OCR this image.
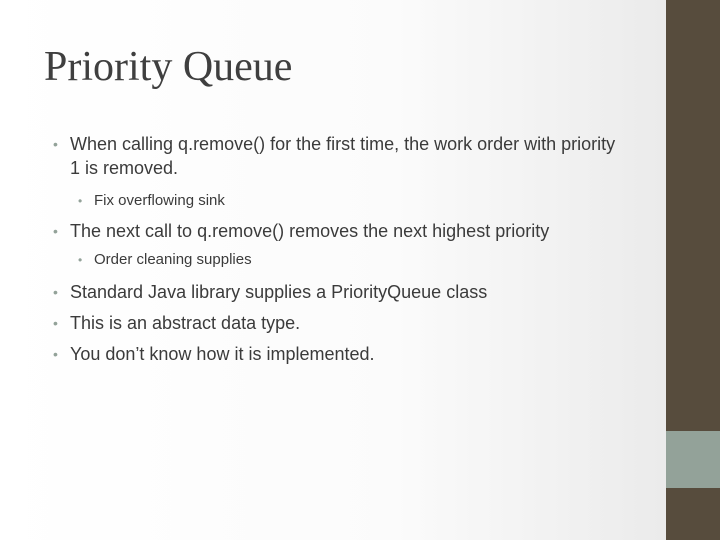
Priority Queue
• When calling q.remove() for the first time, the work order with priority 1 is removed.
• Fix overflowing sink
• The next call to q.remove() removes the next highest priority
• Order cleaning supplies
• Standard Java library supplies a PriorityQueue class
• This is an abstract data type.
• You don’t know how it is implemented.
